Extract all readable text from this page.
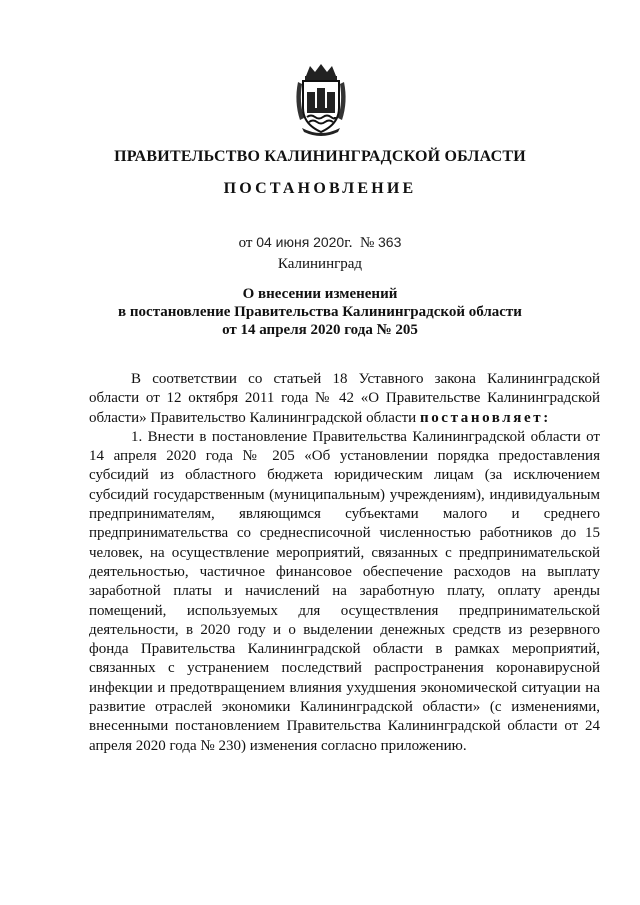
ПРАВИТЕЛЬСТВО КАЛИНИНГРАДСКОЙ ОБЛАСТИ
ПОСТАНОВЛЕНИЕ
от 04 июня 2020г. № 363
Калининград
О внесении изменений
в постановление Правительства Калининградской области
от 14 апреля 2020 года № 205

В соответствии со статьей 18 Уставного закона Калининградской области от 12 октября 2011 года № 42 «О Правительстве Калининградской области» Правительство Калининградской области постановляет:

1. Внести в постановление Правительства Калининградской области от 14 апреля 2020 года № 205 «Об установлении порядка предоставления субсидий из областного бюджета юридическим лицам (за исключением субсидий государственным (муниципальным) учреждениям), индивидуальным предпринимателям, являющимся субъектами малого и среднего предпринимательства со среднесписочной численностью работников до 15 человек, на осуществление мероприятий, связанных с предпринимательской деятельностью, частичное финансовое обеспечение расходов на выплату заработной платы и начислений на заработную плату, оплату аренды помещений, используемых для осуществления предпринимательской деятельности, в 2020 году и о выделении денежных средств из резервного фонда Правительства Калининградской области в рамках мероприятий, связанных с устранением последствий распространения коронавирусной инфекции и предотвращением влияния ухудшения экономической ситуации на развитие отраслей экономики Калининградской области» (с изменениями, внесенными постановлением Правительства Калининградской области от 24 апреля 2020 года № 230) изменения согласно приложению.
